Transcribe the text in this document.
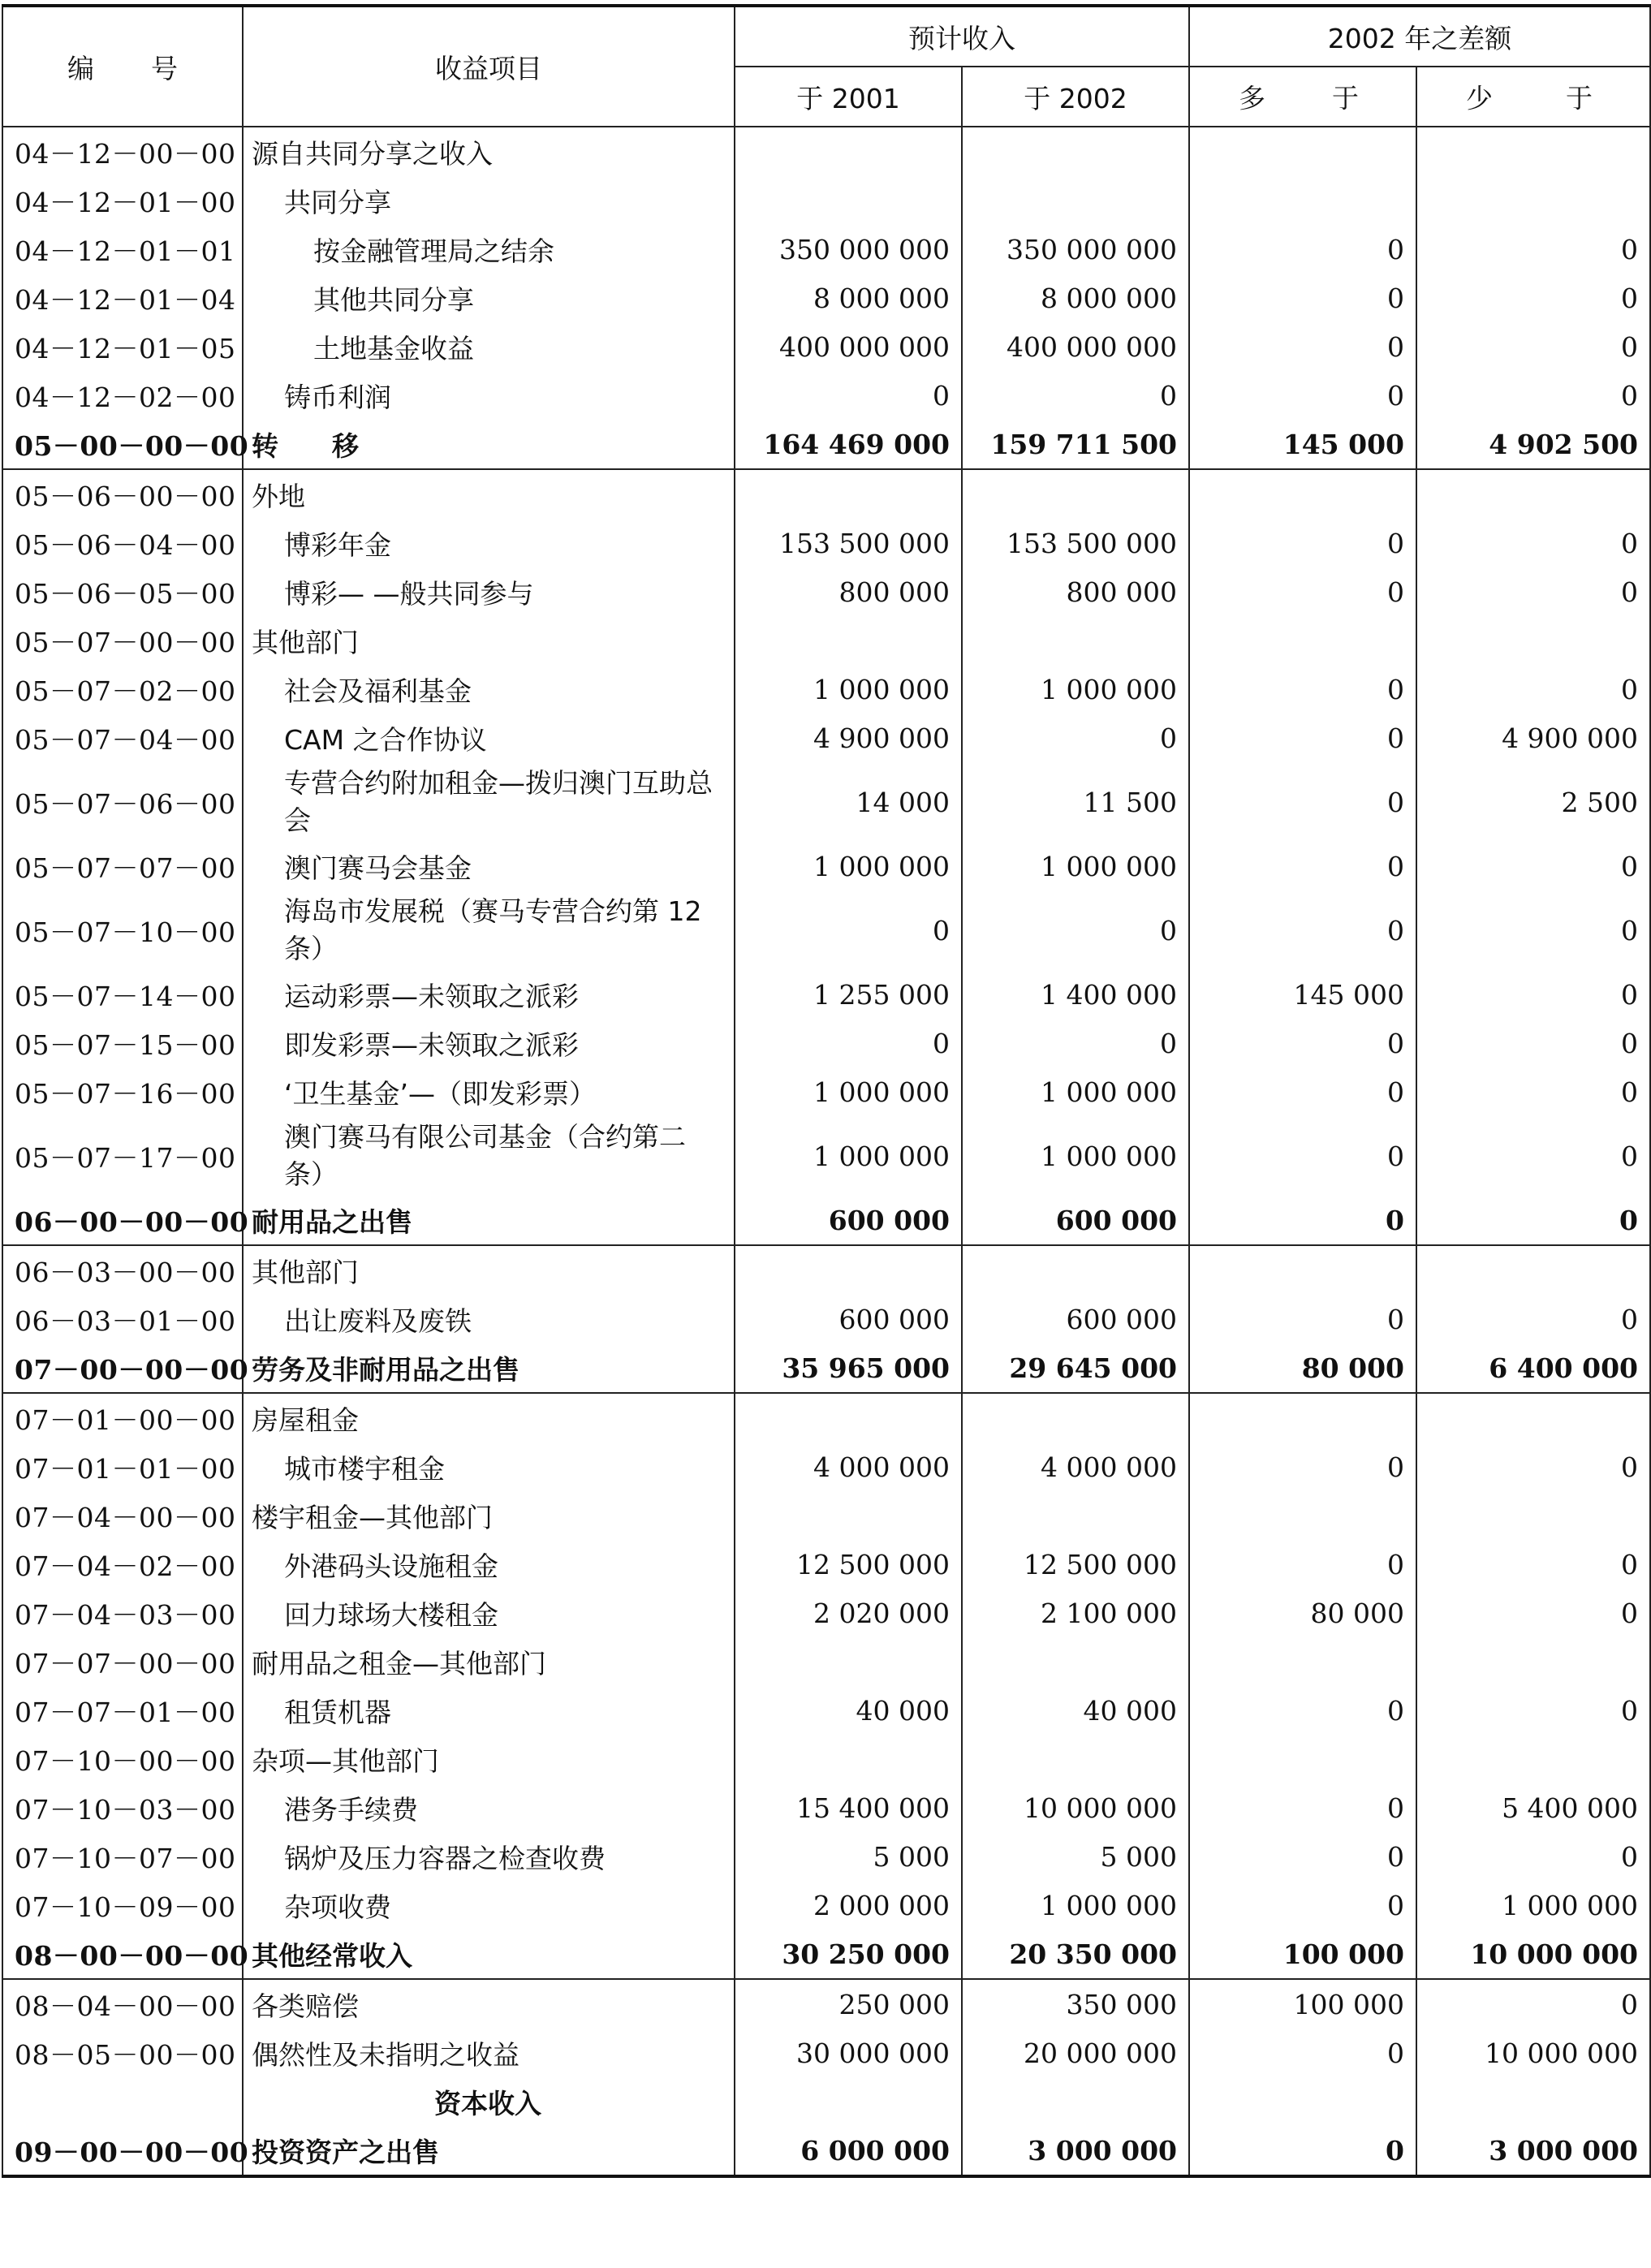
编 号	收益项目	预计收入		2002 年之差额	
		于 2001	于 2002	多 于	少 于

04－12－00－00	源自共同分享之收入				
04－12－01－00	共同分享				
04－12－01－01	按金融管理局之结余	350 000 000	350 000 000	0	0
04－12－01－04	其他共同分享	8 000 000	8 000 000	0	0
04－12－01－05	土地基金收益	400 000 000	400 000 000	0	0
04－12－02－00	铸币利润	0	0	0	0
05－00－00－00	转　　移	164 469 000	159 711 500	145 000	4 902 500
05－06－00－00	外地				
05－06－04－00	博彩年金	153 500 000	153 500 000	0	0
05－06－05－00	博彩— —般共同参与	800 000	800 000	0	0
05－07－00－00	其他部门				
05－07－02－00	社会及福利基金	1 000 000	1 000 000	0	0
05－07－04－00	CAM 之合作协议	4 900 000	0	0	4 900 000
05－07－06－00	专营合约附加租金—拨归澳门互助总会	14 000	11 500	0	2 500
05－07－07－00	澳门赛马会基金	1 000 000	1 000 000	0	0
05－07－10－00	海岛市发展税（赛马专营合约第 12 条）	0	0	0	0
05－07－14－00	运动彩票—未领取之派彩	1 255 000	1 400 000	145 000	0
05－07－15－00	即发彩票—未领取之派彩	0	0	0	0
05－07－16－00	‘卫生基金’—（即发彩票）	1 000 000	1 000 000	0	0
05－07－17－00	澳门赛马有限公司基金（合约第二条）	1 000 000	1 000 000	0	0
06－00－00－00	耐用品之出售	600 000	600 000	0	0
06－03－00－00	其他部门				
06－03－01－00	出让废料及废铁	600 000	600 000	0	0
07－00－00－00	劳务及非耐用品之出售	35 965 000	29 645 000	80 000	6 400 000
07－01－00－00	房屋租金				
07－01－01－00	城市楼宇租金	4 000 000	4 000 000	0	0
07－04－00－00	楼宇租金—其他部门				
07－04－02－00	外港码头设施租金	12 500 000	12 500 000	0	0
07－04－03－00	回力球场大楼租金	2 020 000	2 100 000	80 000	0
07－07－00－00	耐用品之租金—其他部门				
07－07－01－00	租赁机器	40 000	40 000	0	0
07－10－00－00	杂项—其他部门				
07－10－03－00	港务手续费	15 400 000	10 000 000	0	5 400 000
07－10－07－00	锅炉及压力容器之检查收费	5 000	5 000	0	0
07－10－09－00	杂项收费	2 000 000	1 000 000	0	1 000 000
08－00－00－00	其他经常收入	30 250 000	20 350 000	100 000	10 000 000
08－04－00－00	各类赔偿	250 000	350 000	100 000	0
08－05－00－00	偶然性及未指明之收益	30 000 000	20 000 000	0	10 000 000
	资本收入				
09－00－00－00	投资资产之出售	6 000 000	3 000 000	0	3 000 000
